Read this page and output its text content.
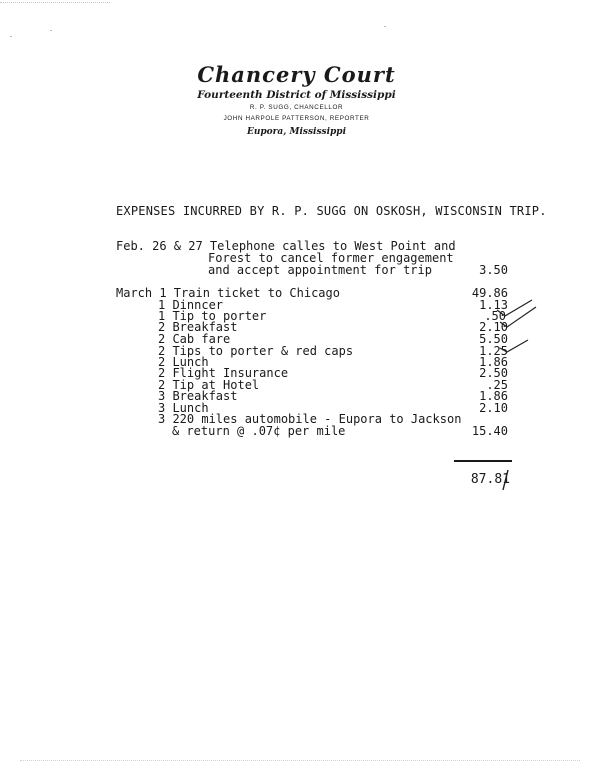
Chancery Court
Fourteenth District of Mississippi
R. P. SUGG, CHANCELLOR
JOHN HARPOLE PATTERSON, REPORTER
Eupora, Mississippi
EXPENSES INCURRED BY R. P. SUGG ON OSKOSH, WISCONSIN TRIP.
Feb. 26 & 27 Telephone calles to West Point and
Forest to cancel former engagement
and accept appointment for trip	3.50
March 1 Train ticket to Chicago	49.86
1 Dinncer	1.13
1 Tip to porter	.50
2 Breakfast	2.10
2 Cab fare	5.50
2 Tips to porter & red caps	1.25
2 Lunch	1.86
2 Flight Insurance	2.50
2 Tip at Hotel	.25
3 Breakfast	1.86
3 Lunch	2.10
3 220 miles automobile - Eupora to Jackson
& return @ .07¢ per mile	15.40
87.81
